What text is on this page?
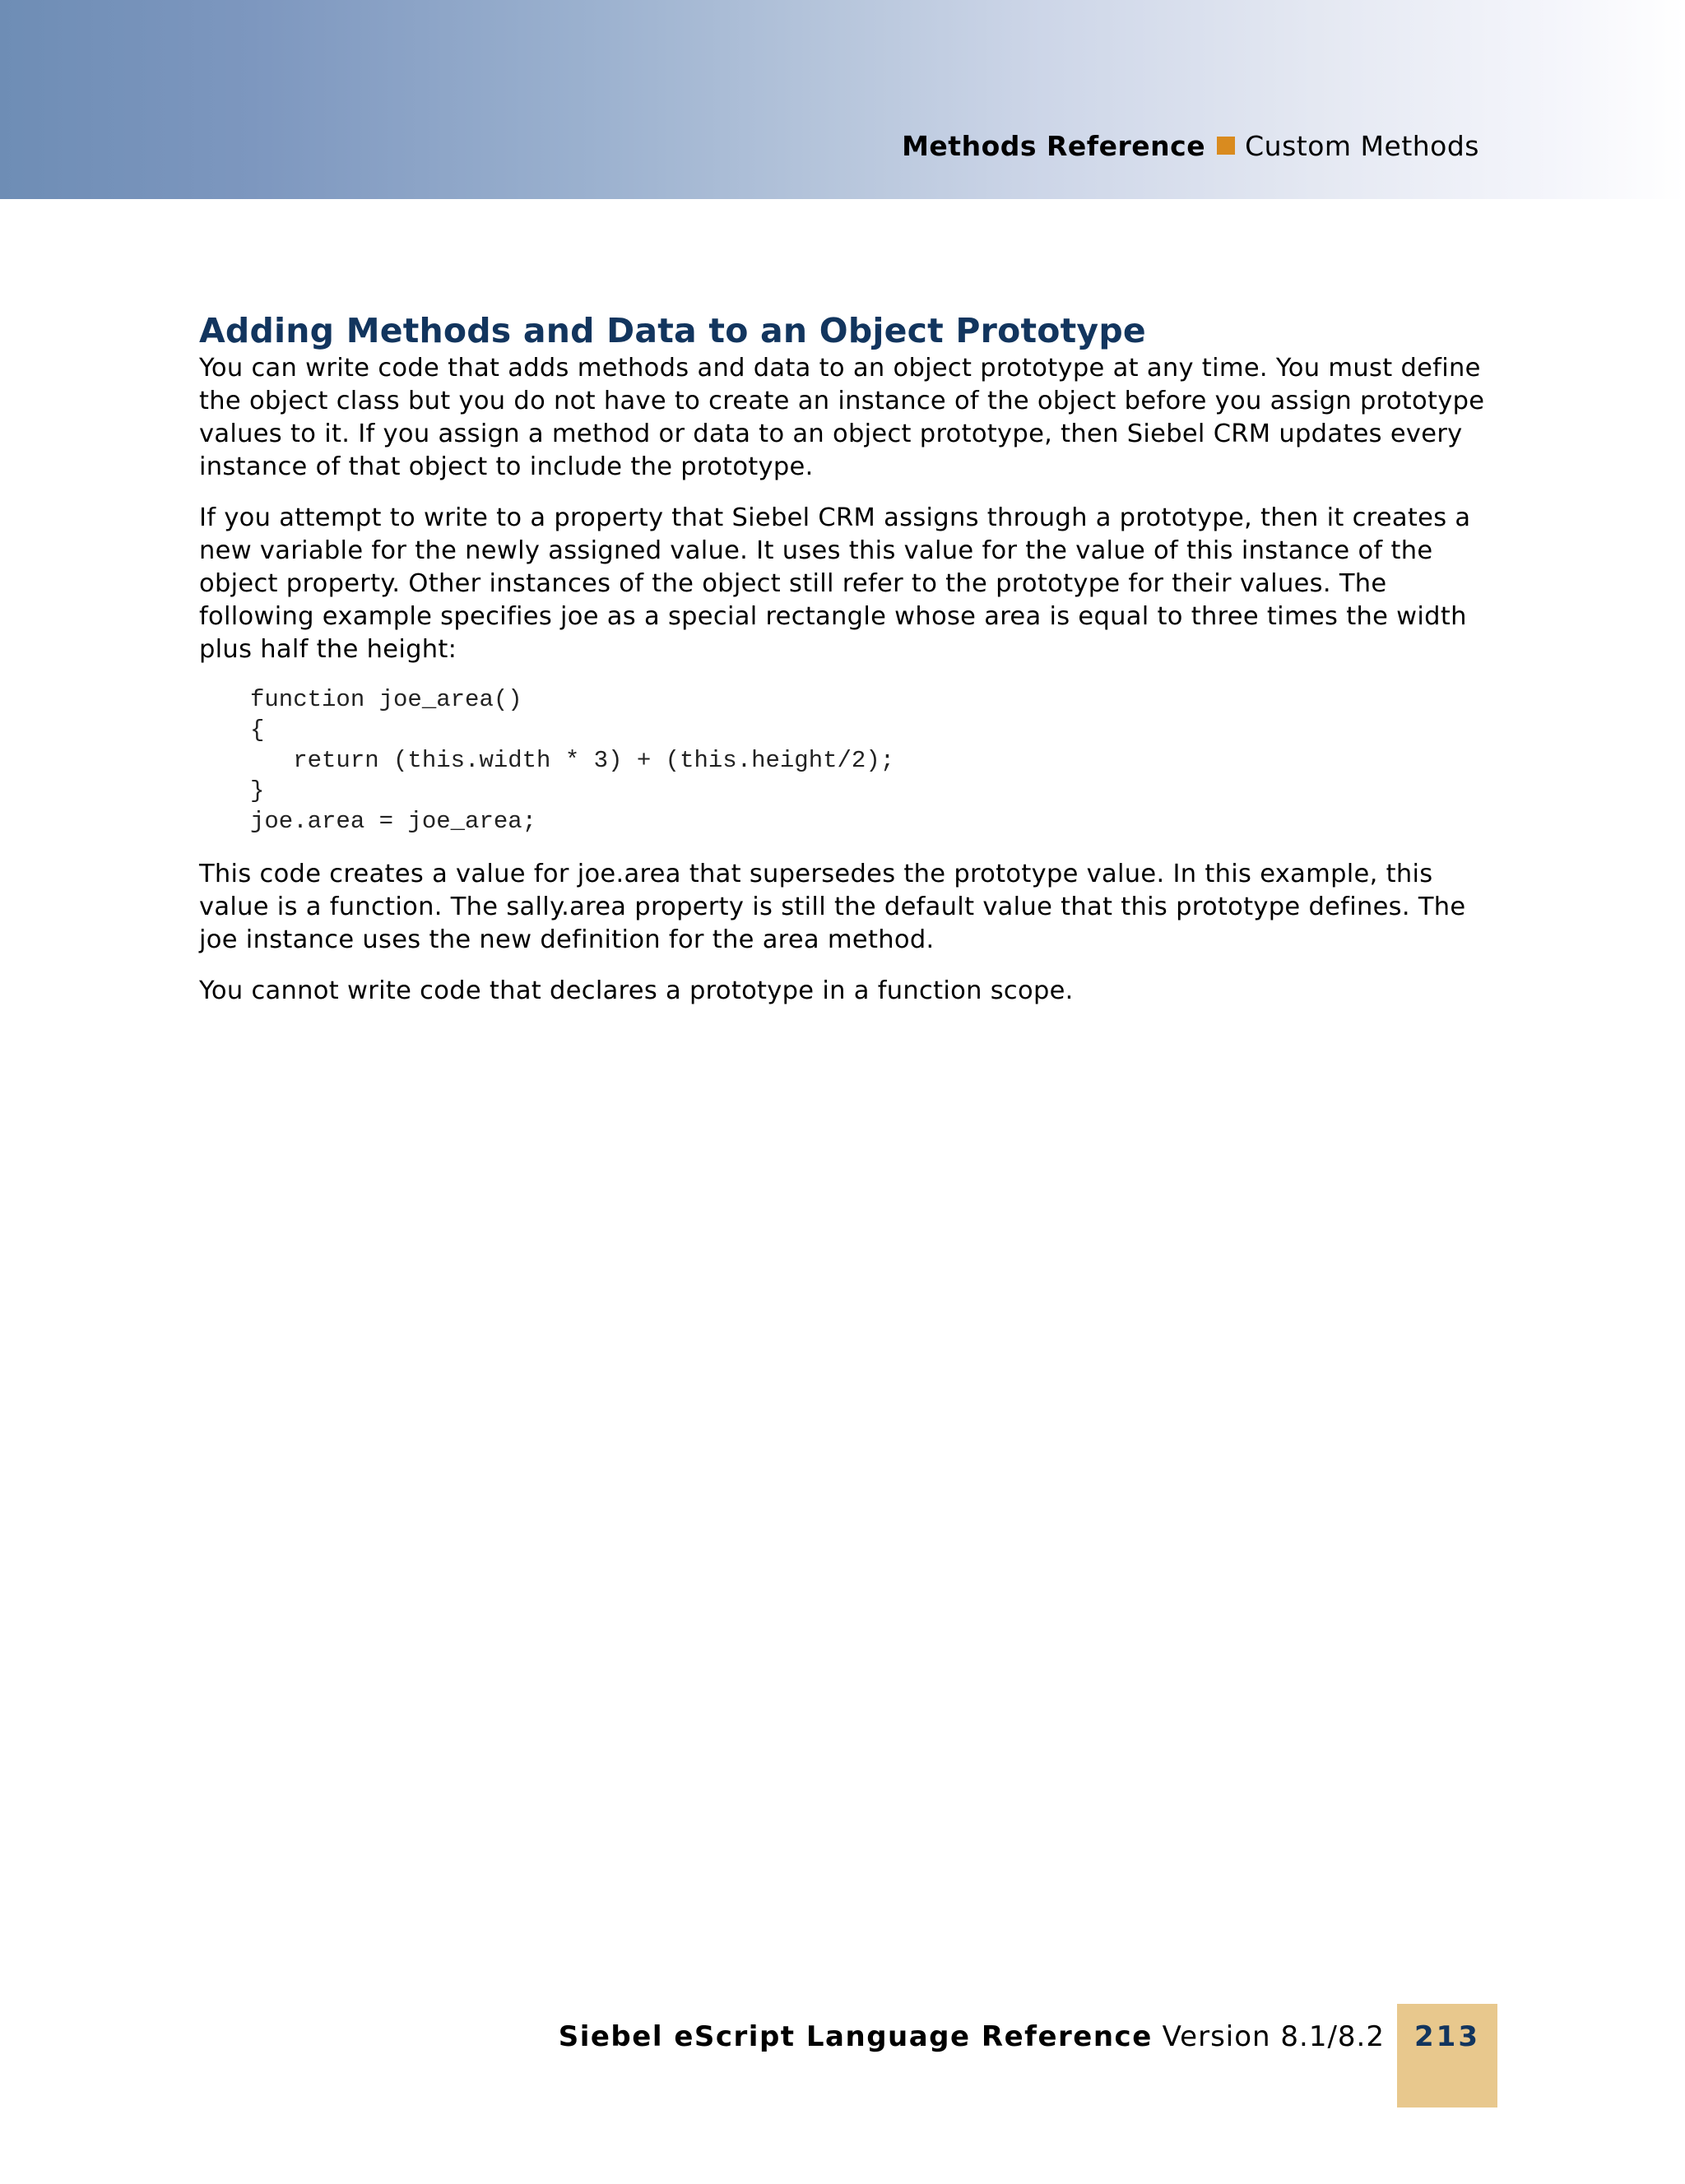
Methods Reference Custom Methods
Adding Methods and Data to an Object Prototype

You can write code that adds methods and data to an object prototype at any time. You must define the object class but you do not have to create an instance of the object before you assign prototype values to it. If you assign a method or data to an object prototype, then Siebel CRM updates every instance of that object to include the prototype.

If you attempt to write to a property that Siebel CRM assigns through a prototype, then it creates a new variable for the newly assigned value. It uses this value for the value of this instance of the object property. Other instances of the object still refer to the prototype for their values. The following example specifies joe as a special rectangle whose area is equal to three times the width plus half the height:

function joe_area()
{
return (this.width * 3) + (this.height/2);
}
joe.area = joe_area;

This code creates a value for joe.area that supersedes the prototype value. In this example, this value is a function. The sally.area property is still the default value that this prototype defines. The joe instance uses the new definition for the area method.

You cannot write code that declares a prototype in a function scope.

Siebel eScript Language Reference Version 8.1/8.2	213
